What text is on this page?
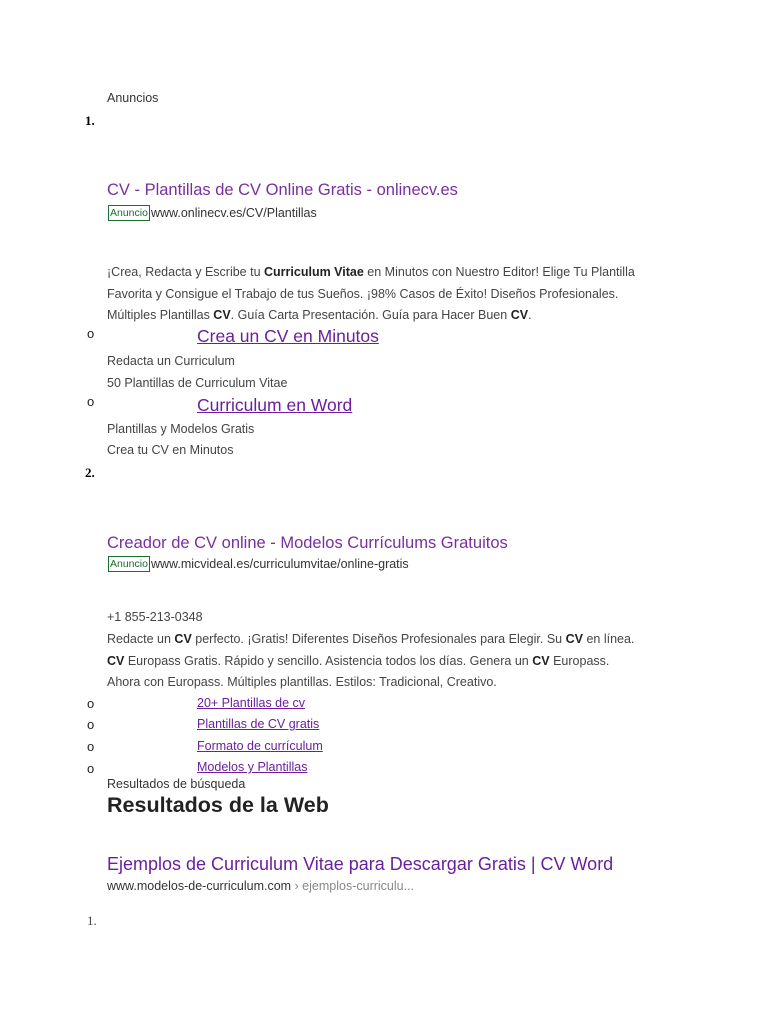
Anuncios
1.
CV - Plantillas de CV Online Gratis - onlinecv.es
Anuncio www.onlinecv.es/CV/Plantillas
¡Crea, Redacta y Escribe tu Curriculum Vitae en Minutos con Nuestro Editor! Elige Tu Plantilla Favorita y Consigue el Trabajo de tus Sueños. ¡98% Casos de Éxito! Diseños Profesionales. Múltiples Plantillas CV. Guía Carta Presentación. Guía para Hacer Buen CV.
o	Crea un CV en Minutos
Redacta un Curriculum
50 Plantillas de Curriculum Vitae
o	Curriculum en Word
Plantillas y Modelos Gratis
Crea tu CV en Minutos
2.
Creador de CV online - Modelos Currículums Gratuitos
Anuncio www.micvideal.es/curriculumvitae/online-gratis
+1 855-213-0348
Redacte un CV perfecto. ¡Gratis! Diferentes Diseños Profesionales para Elegir. Su CV en línea. CV Europass Gratis. Rápido y sencillo. Asistencia todos los días. Genera un CV Europass. Ahora con Europass. Múltiples plantillas. Estilos: Tradicional, Creativo.
o	20+ Plantillas de cv
o	Plantillas de CV gratis
o	Formato de currículum
o	Modelos y Plantillas
Resultados de búsqueda
Resultados de la Web
Ejemplos de Curriculum Vitae para Descargar Gratis | CV Word
www.modelos-de-curriculum.com › ejemplos-curriculu...
1.
